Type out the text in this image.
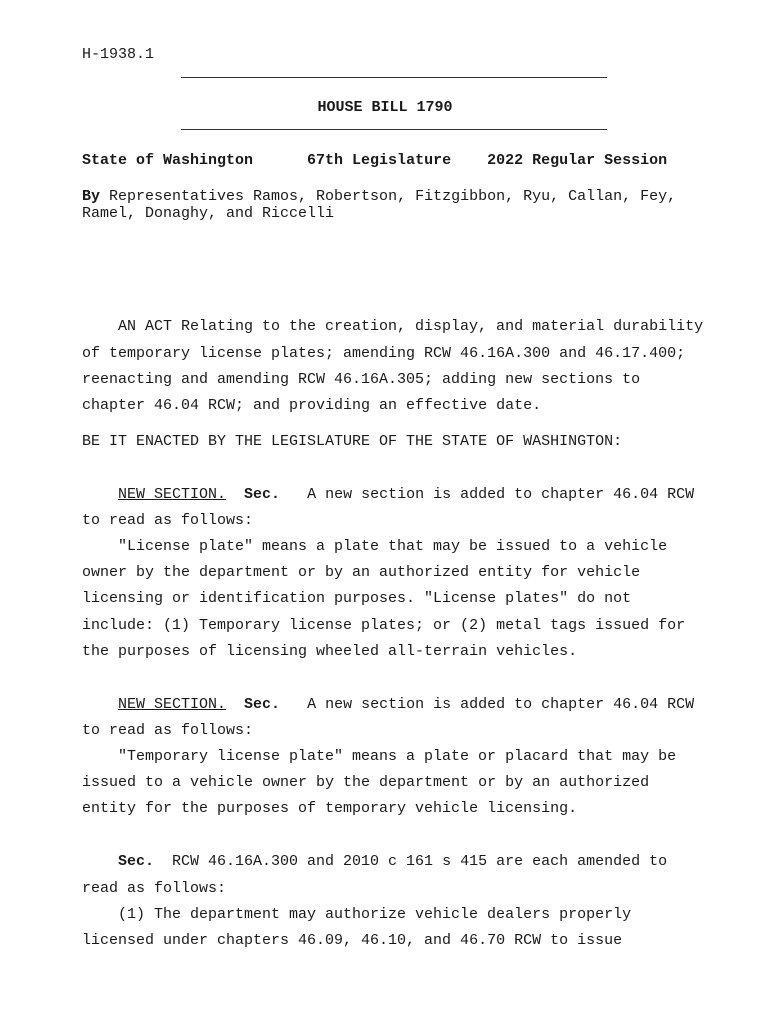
H-1938.1
HOUSE BILL 1790
State of Washington	67th Legislature 2022 Regular Session
By Representatives Ramos, Robertson, Fitzgibbon, Ryu, Callan, Fey,
Ramel, Donaghy, and Riccelli
AN ACT Relating to the creation, display, and material durability
of temporary license plates; amending RCW 46.16A.300 and 46.17.400;
reenacting and amending RCW 46.16A.305; adding new sections to
chapter 46.04 RCW; and providing an effective date.
BE IT ENACTED BY THE LEGISLATURE OF THE STATE OF WASHINGTON:
NEW SECTION. Sec.   A new section is added to chapter 46.04 RCW
to read as follows:
"License plate" means a plate that may be issued to a vehicle
owner by the department or by an authorized entity for vehicle
licensing or identification purposes. "License plates" do not
include: (1) Temporary license plates; or (2) metal tags issued for
the purposes of licensing wheeled all-terrain vehicles.
NEW SECTION. Sec.   A new section is added to chapter 46.04 RCW
to read as follows:
"Temporary license plate" means a plate or placard that may be
issued to a vehicle owner by the department or by an authorized
entity for the purposes of temporary vehicle licensing.
Sec.  RCW 46.16A.300 and 2010 c 161 s 415 are each amended to
read as follows:
(1) The department may authorize vehicle dealers properly
licensed under chapters 46.09, 46.10, and 46.70 RCW to issue
